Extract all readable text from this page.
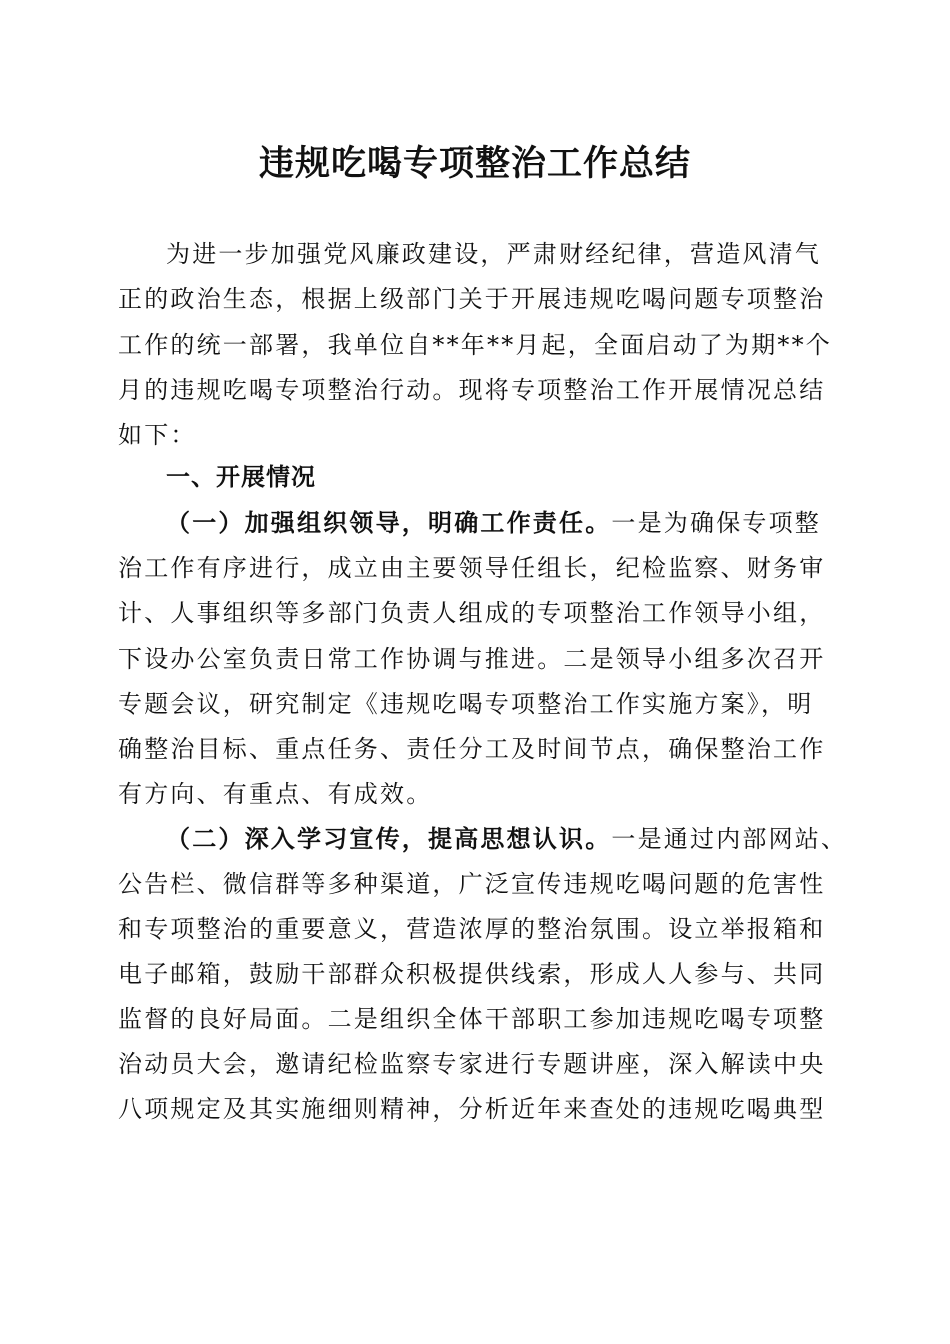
违规吃喝专项整治工作总结
为进一步加强党风廉政建设，严肃财经纪律，营造风清气
正的政治生态，根据上级部门关于开展违规吃喝问题专项整治
工作的统一部署，我单位自**年**月起，全面启动了为期**个
月的违规吃喝专项整治行动。现将专项整治工作开展情况总结
如下：
一、开展情况
（一）加强组织领导，明确工作责任。一是为确保专项整
治工作有序进行，成立由主要领导任组长，纪检监察、财务审
计、人事组织等多部门负责人组成的专项整治工作领导小组，
下设办公室负责日常工作协调与推进。二是领导小组多次召开
专题会议，研究制定《违规吃喝专项整治工作实施方案》，明
确整治目标、重点任务、责任分工及时间节点，确保整治工作
有方向、有重点、有成效。
（二）深入学习宣传，提高思想认识。一是通过内部网站、
公告栏、微信群等多种渠道，广泛宣传违规吃喝问题的危害性
和专项整治的重要意义，营造浓厚的整治氛围。设立举报箱和
电子邮箱，鼓励干部群众积极提供线索，形成人人参与、共同
监督的良好局面。二是组织全体干部职工参加违规吃喝专项整
治动员大会，邀请纪检监察专家进行专题讲座，深入解读中央
八项规定及其实施细则精神，分析近年来查处的违规吃喝典型
